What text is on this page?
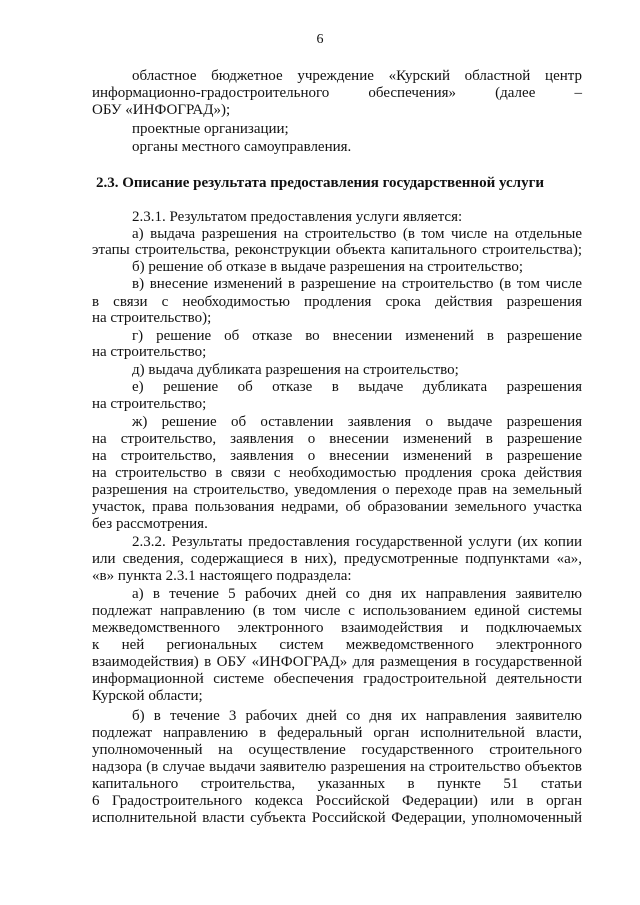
6
областное бюджетное учреждение «Курский областной центр
информационно-градостроительного обеспечения» (далее –
ОБУ «ИНФОГРАД»);
проектные организации;
органы местного самоуправления.
2.3. Описание результата предоставления государственной услуги
2.3.1. Результатом предоставления услуги является:
а) выдача разрешения на строительство (в том числе на отдельные
этапы строительства, реконструкции объекта капитального строительства);
б) решение об отказе в выдаче разрешения на строительство;
в) внесение изменений в разрешение на строительство (в том числе
в связи с необходимостью продления срока действия разрешения
на строительство);
г) решение об отказе во внесении изменений в разрешение
на строительство;
д) выдача дубликата разрешения на строительство;
е) решение об отказе в выдаче дубликата разрешения
на строительство;
ж) решение об оставлении заявления о выдаче разрешения
на строительство, заявления о внесении изменений в разрешение
на строительство, заявления о внесении изменений в разрешение
на строительство в связи с необходимостью продления срока действия
разрешения на строительство, уведомления о переходе прав на земельный
участок, права пользования недрами, об образовании земельного участка
без рассмотрения.
2.3.2. Результаты предоставления государственной услуги (их копии
или сведения, содержащиеся в них), предусмотренные подпунктами «а»,
«в» пункта 2.3.1 настоящего подраздела:
а) в течение 5 рабочих дней со дня их направления заявителю
подлежат направлению (в том числе с использованием единой системы
межведомственного электронного взаимодействия и подключаемых
к ней региональных систем межведомственного электронного
взаимодействия) в ОБУ «ИНФОГРАД» для размещения в государственной
информационной системе обеспечения градостроительной деятельности
Курской области;
б) в течение 3 рабочих дней со дня их направления заявителю
подлежат направлению в федеральный орган исполнительной власти,
уполномоченный на осуществление государственного строительного
надзора (в случае выдачи заявителю разрешения на строительство объектов
капитального строительства, указанных в пункте 51 статьи
6 Градостроительного кодекса Российской Федерации) или в орган
исполнительной власти субъекта Российской Федерации, уполномоченный
